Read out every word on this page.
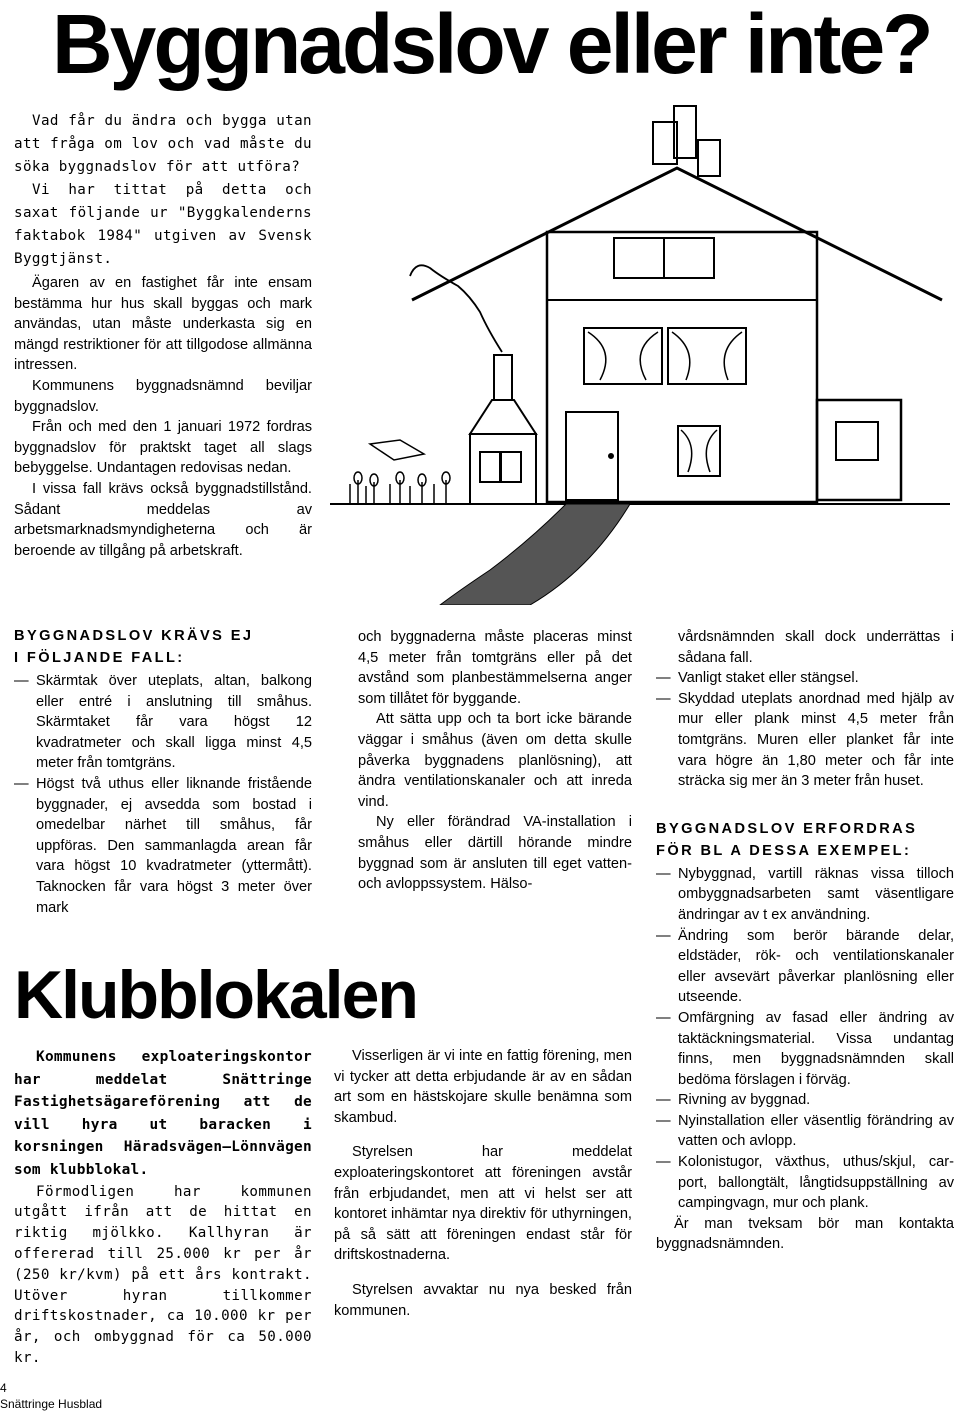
Byggnadslov eller inte?

Vad får du ändra och bygga utan att fråga om lov och vad måste du söka byggnadslov för att utföra?

Vi har tittat på detta och saxat följande ur "Byggkalenderns faktabok 1984" utgiven av Svensk Byggtjänst.

Ägaren av en fastighet får inte ensam bestämma hur hus skall byggas och mark användas, utan måste underkasta sig en mängd restriktioner för att tillgodose allmänna intressen.

Kommunens byggnadsnämnd beviljar byggnadslov.

Från och med den 1 januari 1972 fordras byggnadslov för praktskt taget all slags bebyggelse. Undantagen redovisas nedan.

I vissa fall krävs också byggnadstillstånd. Sådant meddelas av arbetsmarknadsmyndigheterna och är beroende av tillgång på arbetskraft.

BYGGNADSLOV KRÄVS EJ
I FÖLJANDE FALL:

— Skärmtak över uteplats, altan, balkong eller entré i anslutning till småhus. Skärmtaket får vara högst 12 kvadratmeter och skall ligga minst 4,5 meter från tomtgräns.

— Högst två uthus eller liknande fristående byggnader, ej avsedda som bostad i omedelbar närhet till småhus, får uppföras. Den sammanlagda arean får vara högst 10 kvadratmeter (yttermått). Taknocken får vara högst 3 meter över mark

och byggnaderna måste placeras minst 4,5 meter från tomtgräns eller på det avstånd som planbestämmelserna anger som tillåtet för byggande.

Att sätta upp och ta bort icke bärande väggar i småhus (även om detta skulle påverka byggnadens planlösning), att ändra ventilationskanaler och att inreda vind.

Ny eller förändrad VA-installation i småhus eller därtill hörande mindre byggnad som är ansluten till eget vatten- och avloppssystem. Hälso-

vårdsnämnden skall dock underrättas i sådana fall.

— Vanligt staket eller stängsel.

— Skyddad uteplats anordnad med hjälp av mur eller plank minst 4,5 meter från tomtgräns. Muren eller planket får inte vara högre än 1,80 meter och får inte sträcka sig mer än 3 meter från huset.

BYGGNADSLOV ERFORDRAS
FÖR BL A DESSA EXEMPEL:

— Nybyggnad, vartill räknas vissa tilloch ombyggnadsarbeten samt väsentligare ändringar av t ex användning.

— Ändring som berör bärande delar, eldstäder, rök- och ventilationskanaler eller avsevärt påverkar planlösning eller utseende.

— Omfärgning av fasad eller ändring av taktäckningsmaterial. Vissa undantag finns, men byggnadsnämnden skall bedöma förslagen i förväg.

— Rivning av byggnad.

— Nyinstallation eller väsentlig förändring av vatten och avlopp.

— Kolonistugor, växthus, uthus/skjul, car-port, ballongtält, långtidsuppställning av campingvagn, mur och plank.

Är man tveksam bör man kontakta byggnadsnämnden.

Klubblokalen

Kommunens exploateringskontor har meddelat Snättringe Fastighetsägareförening att de vill hyra ut baracken i korsningen Häradsvägen—Lönnvägen som klubblokal.

Förmodligen har kommunen utgått ifrån att de hittat en riktig mjölkko. Kallhyran är offererad till 25.000 kr per år (250 kr/kvm) på ett års kontrakt. Utöver hyran tillkommer driftskostnader, ca 10.000 kr per år, och ombyggnad för ca 50.000 kr.

Visserligen är vi inte en fattig förening, men vi tycker att detta erbjudande är av en sådan art som en hästskojare skulle benämna som skambud.

Styrelsen har meddelat exploateringskontoret att föreningen avstår från erbjudandet, men att vi helst ser att kontoret inhämtar nya direktiv för uthyrningen, på så sätt att föreningen endast står för driftskostnaderna.

Styrelsen avvaktar nu nya besked från kommunen.

4
Snättringe Husblad
